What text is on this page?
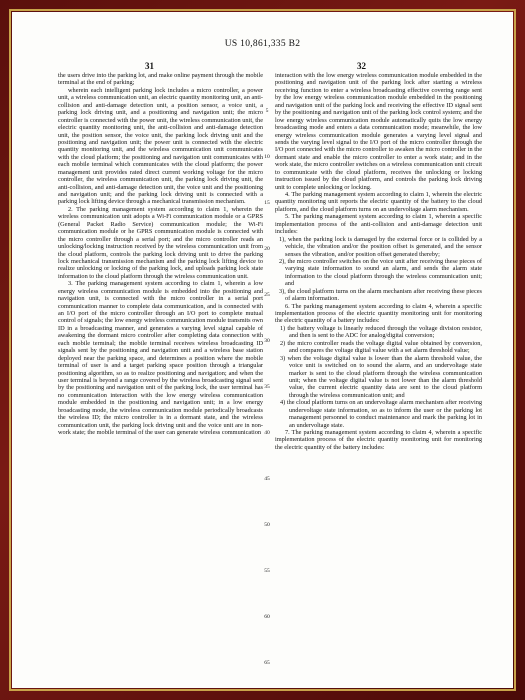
US 10,861,335 B2
31	32

the users drive into the parking lot, and make online payment through the mobile terminal at the end of parking;

wherein each intelligent parking lock includes a micro controller, a power unit, a wireless communication unit, an electric quantity monitoring unit, an anti-collision and anti-damage detection unit, a position sensor, a voice unit, a parking lock driving unit, and a positioning and navigation unit; the micro controller is connected with the power unit, the wireless communication unit, the electric quantity monitoring unit, the anti-collision and anti-damage detection unit, the position sensor, the voice unit, the parking lock driving unit and the positioning and navigation unit; the power unit is connected with the electric quantity monitoring unit, and the wireless communication unit communicates with the cloud platform; the positioning and navigation unit communicates with each mobile terminal which communicates with the cloud platform; the power management unit provides rated direct current working voltage for the micro controller, the wireless communication unit, the parking lock driving unit, the anti-collision, and anti-damage detection unit, the voice unit and the positioning and navigation unit; and the parking lock driving unit is connected with a parking lock lifting device through a mechanical transmission mechanism.

2. The parking management system according to claim 1, wherein the wireless communication unit adopts a Wi-Fi communication module or a GPRS (General Packet Radio Service) communication module; the Wi-Fi communication module or he GPRS communication module is connected with the micro controller through a serial port; and the micro controller reads an unlocking/locking instruction received by the wireless communication unit from the cloud platform, controls the parking lock driving unit to drive the parking lock mechanical transmission mechanism and the parking lock lifting device to realize unlocking or locking of the parking lock, and uploads parking lock state information to the cloud platform through the wireless communication unit.

3. The parking management system according to claim 1, wherein a low energy wireless communication module is embedded into the positioning and navigation unit, is connected with the micro controller in a serial port communication manner to complete data communication, and is connected with an I/O port of the micro controller through an I/O port to complete mutual control of signals; the low energy wireless communication module transmits own ID in a broadcasting manner, and generates a varying level signal capable of awakening the dormant micro controller after completing data connection with each mobile terminal; the mobile terminal receives wireless broadcasting ID signals sent by the positioning and navigation unit and a wireless base station deployed near the parking space, and determines a position where the mobile terminal of user is and a target parking space position through a triangular positioning algorithm, so as to realize positioning and navigation; and when the user terminal is beyond a range covered by the wireless broadcasting signal sent by the positioning and navigation unit of the parking lock, the user terminal has no communication interaction with the low energy wireless communication module embedded in the positioning and navigation unit; in a low energy broadcasting mode, the wireless communication module periodically broadcasts the wireless ID; the micro controller is in a dormant state, and the wireless communication unit, the parking lock driving unit and the voice unit are in non-work state; the mobile terminal of the user can generate wireless communication

5
10
15
20
25
30
35
40
45
50
55
60
65

interaction with the low energy wireless communication module embedded in the positioning and navigation unit of the parking lock after starting a wireless receiving function to enter a wireless broadcasting effective covering range sent by the low energy wireless communication module embedded in the positioning and navigation unit of the parking lock and receiving the effective ID signal sent by the positioning and navigation unit of the parking lock control system; and the low energy wireless communication module automatically quits the low energy broadcasting mode and enters a data communication mode; meanwhile, the low energy wireless communication module generates a varying level signal and sends the varying level signal to the I/O port of the micro controller through the I/O port connected with the micro controller to awaken the micro controller in the dormant state and enable the micro controller to enter a work state; and in the work state, the micro controller switches on a wireless communication unit circuit to communicate with the cloud platform, receives the unlocking or locking instruction issued by the cloud platform, and controls the parking lock driving unit to complete unlocking or locking.

4. The parking management system according to claim 1, wherein the electric quantity monitoring unit reports the electric quantity of the battery to the cloud platform, and the cloud platform turns on an undervoltage alarm mechanism.

5. The parking management system according to claim 1, wherein a specific implementation process of the anti-collision and anti-damage detection unit includes:

1), when the parking lock is damaged by the external force or is collided by a vehicle, the vibration and/or the position offset is generated, and the sensor senses the vibration, and/or position offset generated thereby;

2), the micro controller switches on the voice unit after receiving these pieces of varying state information to sound an alarm, and sends the alarm state information to the cloud platform through the wireless communication unit; and

3), the cloud platform turns on the alarm mechanism after receiving these pieces of alarm information.

6. The parking management system according to claim 4, wherein a specific implementation process of the electric quantity monitoring unit for monitoring the electric quantity of a battery includes:

1) the battery voltage is linearly reduced through the voltage division resistor, and then is sent to the ADC for analog/digital conversion;

2) the micro controller reads the voltage digital value obtained by conversion, and compares the voltage digital value with a set alarm threshold value;

3) when the voltage digital value is lower than the alarm threshold value, the voice unit is switched on to sound the alarm, and an undervoltage state marker is sent to the cloud platform through the wireless communication unit; when the voltage digital value is not lower than the alarm threshold value, the current electric quantity data are sent to the cloud platform through the wireless communication unit; and

4) the cloud platform turns on an undervoltage alarm mechanism after receiving undervoltage state information, so as to inform the user or the parking lot management personnel to conduct maintenance and mark the parking lot in an undervoltage state.

7. The parking management system according to claim 4, wherein a specific implementation process of the electric quantity monitoring unit for monitoring the electric quantity of the battery includes:
